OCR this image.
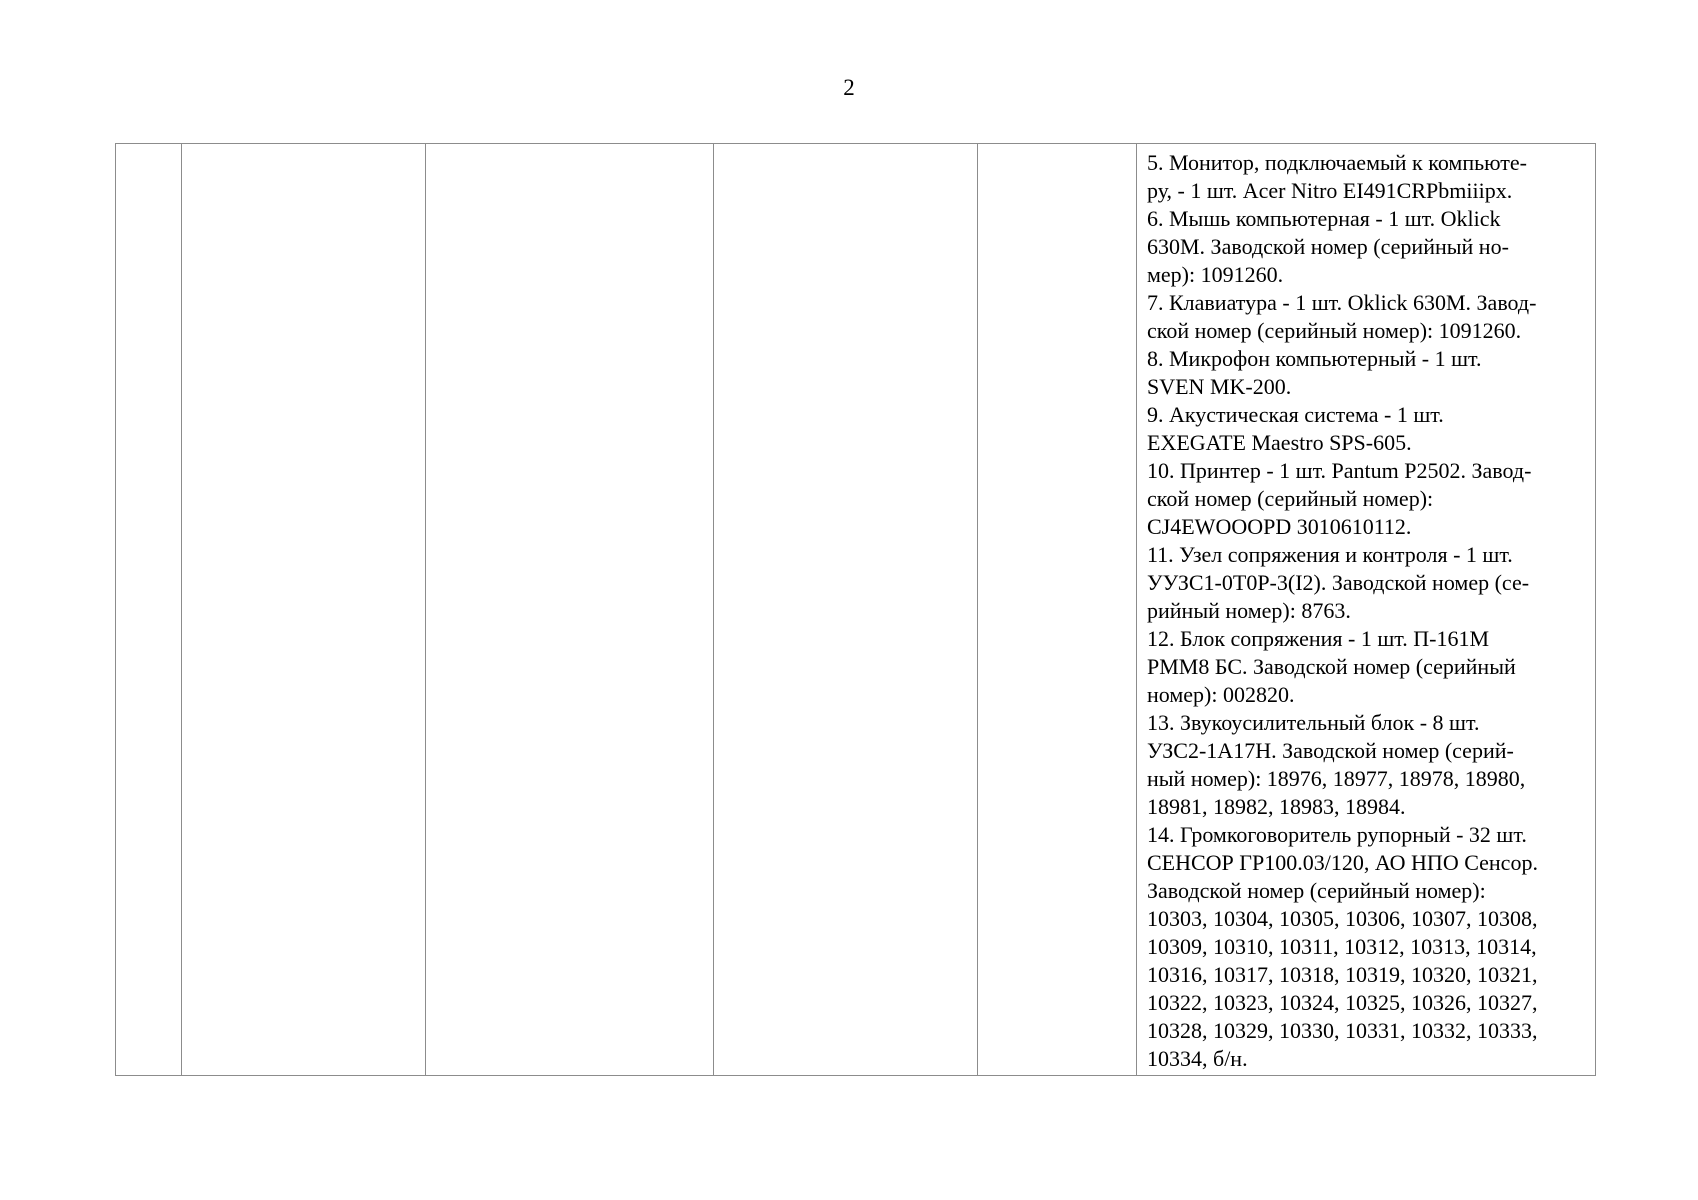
2

5. Монитор, подключаемый к компьюте-
ру, - 1 шт. Acer Nitro EI491CRPbmiiipx.
6. Мышь компьютерная - 1 шт. Oklick
630M. Заводской номер (серийный но-
мер): 1091260.
7. Клавиатура - 1 шт. Oklick 630M. Завод-
ской номер (серийный номер): 1091260.
8. Микрофон компьютерный - 1 шт.
SVEN MK-200.
9. Акустическая система - 1 шт.
EXEGATE Maestro SPS-605.
10. Принтер - 1 шт. Pantum P2502. Завод-
ской номер (серийный номер):
CJ4EWOOOPD 3010610112.
11. Узел сопряжения и контроля - 1 шт.
УУЗС1-0Т0Р-3(I2). Заводской номер (се-
рийный номер): 8763.
12. Блок сопряжения - 1 шт. П-161М
РММ8 БС. Заводской номер (серийный
номер): 002820.
13. Звукоусилительный блок - 8 шт.
УЗС2-1А17Н. Заводской номер (серий-
ный номер): 18976, 18977, 18978, 18980,
18981, 18982, 18983, 18984.
14. Громкоговоритель рупорный - 32 шт.
СЕНСОР ГР100.03/120, АО НПО Сенсор.
Заводской номер (серийный номер):
10303, 10304, 10305, 10306, 10307, 10308,
10309, 10310, 10311, 10312, 10313, 10314,
10316, 10317, 10318, 10319, 10320, 10321,
10322, 10323, 10324, 10325, 10326, 10327,
10328, 10329, 10330, 10331, 10332, 10333,
10334, б/н.
